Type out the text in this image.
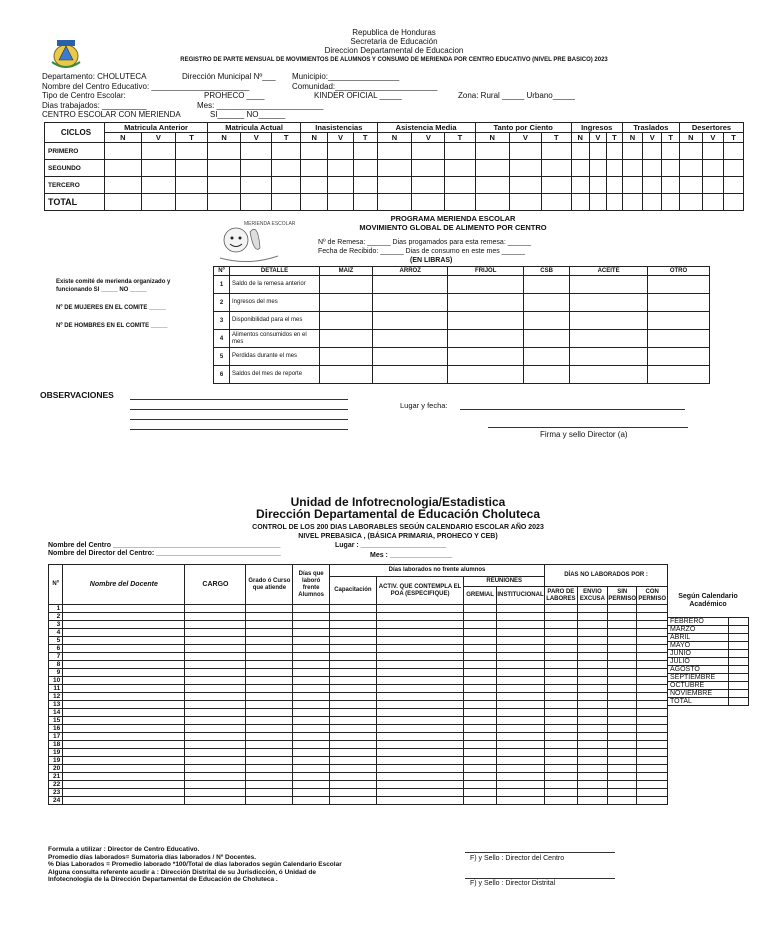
Republica de Honduras
Secretaria de Educación
Direccion Departamental de Educacion
REGISTRO DE PARTE MENSUAL DE MOVIMIENTOS DE ALUMNOS Y CONSUMO DE MERIENDA POR CENTRO EDUCATIVO (NIVEL PRE BASICO) 2023
Departamento: CHOLUTECA	Dirección Municipal Nº___ Municipio:________________
Nombre del Centro Educativo: ______________________	Comunidad:_______________________
Tipo de Centro Escolar:	PROHECO ____	KINDER OFICIAL _____	Zona: Rural _____ Urbano_____
Dias trabajados: __________	Mes: ________________________
CENTRO ESCOLAR CON MERIENDA	SI______ NO______
CICLOS	Matricula Anterior			Matricula Actual			Inasistencias			Asistencia Media			Tanto por Ciento			Ingresos			Traslados			Desertores		
	N	V	T	N	V	T	N	V	T	N	V	T	N	V	T	N	V	T	N	V	T	N	V	T
PRIMERO																								
SEGUNDO																								
TERCERO																								
TOTAL																								
MERIENDA ESCOLAR
PROGRAMA MERIENDA ESCOLAR
MOVIMIENTO GLOBAL DE ALIMENTO POR CENTRO
Nº de Remesa: ______ Dias progamados para esta remesa: ______
Fecha de Recibido: ______ Dias de consumo en este mes ______
(EN LIBRAS)

Existe comité de merienda organizado y funcionando SI _____ NO _____

Nº DE MUJERES EN EL COMITE _____

Nº DE HOMBRES EN EL COMITE _____

Nº	DETALLE	MAIZ	ARROZ	FRIJOL	CSB	ACEITE	OTRO
1	Saldo de la remesa anterior						
2	Ingresos del mes						
3	Disponibilidad para el mes						
4	Alimentos consumidos en el mes						
5	Perdidas durante el mes						
6	Saldos del mes de reporte						
OBSERVACIONES
Lugar y fecha:
Firma y sello Director (a)
Unidad de Infotrecnologia/Estadistica
Dirección Departamental de Educación Choluteca
CONTROL DE LOS 200 DIAS LABORABLES SEGÚN CALENDARIO ESCOLAR AÑO 2023
NIVEL PREBASICA , (BÁSICA PRIMARIA, PROHECO Y CEB)
Nombre del Centro ___________________________________________
Nombre del Director del Centro: ________________________________
Lugar : ______________________
Mes : ________________
Nº	Nombre del Docente	CARGO	Grado ó Curso que atiende	Días que laboró frente Alumnos	Días laborados no frente alumnos				DÍAS NO LABORADOS POR :			
					Capacitación	ACTIV. QUE CONTEMPLA EL POA (ESPECIFIQUE)	REUNIONES					
							GREMIAL	INSTITUCIONAL	PARO DE LABORES	ENVIO EXCUSA	SIN PERMISO	CON PERMISO
1												
2												
3												
4												
5												
6												
7												
8												
9												
10												
11												
12												
13												
14												
15												
16												
17												
18												
19												
19												
20												
21												
22												
23												
24												
Según Calendario Académico
FEBRERO	
MARZO	
ABRIL	
MAYO	
JUNIO	
JULIO	
AGOSTO	
SEPTIEMBRE	
OCTUBRE	
NOVIEMBRE	
TOTAL	
Formula a utilizar : Director de Centro Educativo.
Promedio días laborados= Sumatoria días laborados / Nº Docentes.
% Días Laborados = Promedio laborado *100/Total de días laborados según Calendario Escolar
Alguna consulta referente acudir a : Dirección Distrital de su Jurisdicción, ó Unidad de
Infotecnologia de la Dirección Departamental de Educación de Choluteca .
F) y Sello : Director del Centro
F) y Sello : Director Distrital
